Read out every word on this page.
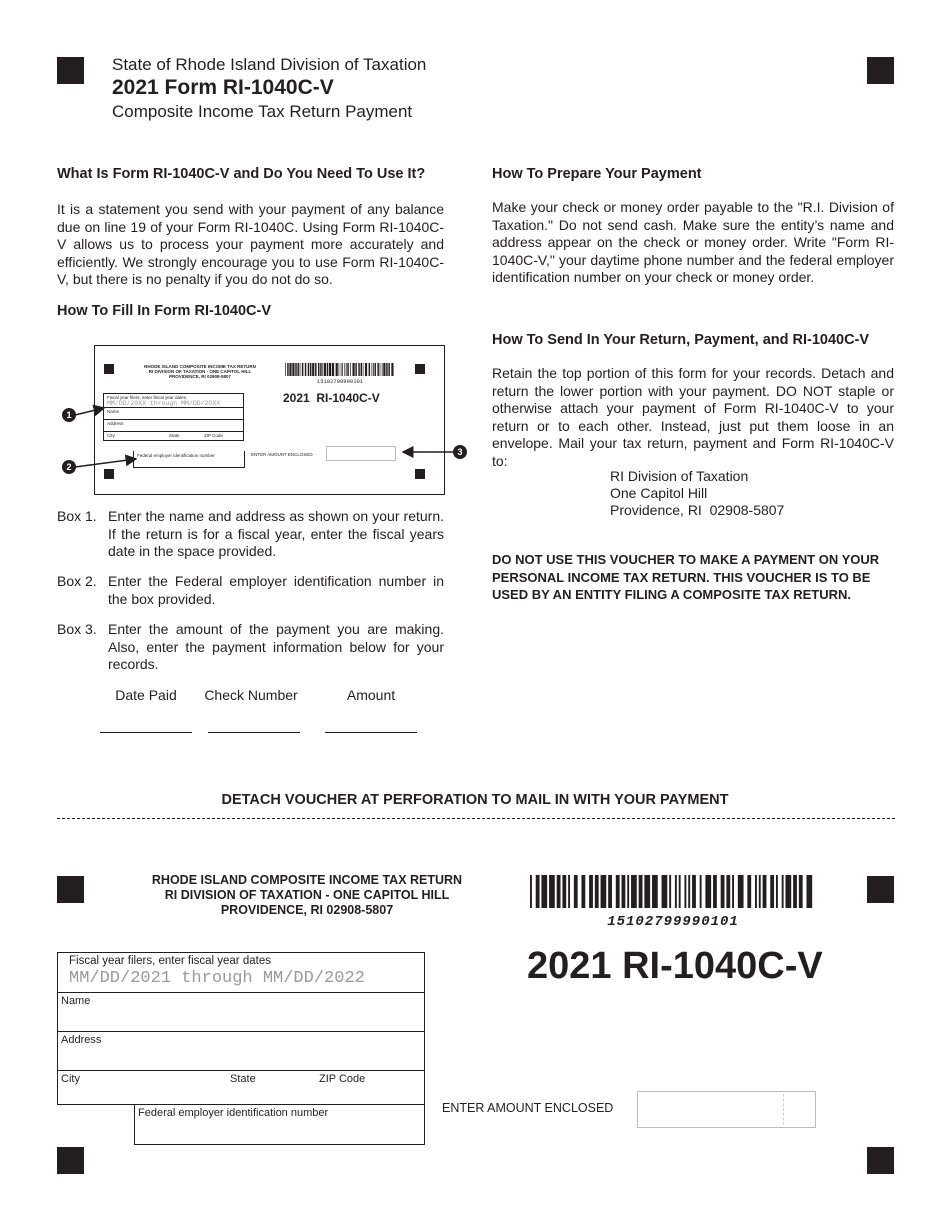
State of Rhode Island Division of Taxation
2021 Form RI-1040C-V
Composite Income Tax Return Payment
What Is Form RI-1040C-V and Do You Need To Use It?
It is a statement you send with your payment of any balance due on line 19 of your Form RI-1040C. Using Form RI-1040C-V allows us to process your payment more accurately and efficiently. We strongly encourage you to use Form RI-1040C-V, but there is no penalty if you do not do so.
How To Fill In Form RI-1040C-V
RHODE ISLAND COMPOSITE INCOME TAX RETURN
RI DIVISION OF TAXATION - ONE CAPITOL HILL
PROVIDENCE, RI 02908-5807
15102799990101
2021  RI-1040C-V
Fiscal year filers, enter fiscal year dates
MM/DD/20XX through MM/DD/20XX
Name
Address
City	State	ZIP Code
Federal employer identification number	ENTER AMOUNT ENCLOSED
1
2
3
Box 1. Enter the name and address as shown on your return. If the return is for a fiscal year, enter the fiscal years date in the space provided.
Box 2. Enter the Federal employer identification number in the box provided.
Box 3. Enter the amount of the payment you are making. Also, enter the payment information below for your records.
Date Paid	Check Number	Amount
How To Prepare Your Payment
Make your check or money order payable to the "R.I. Division of Taxation." Do not send cash. Make sure the entity’s name and address appear on the check or money order. Write "Form RI-1040C-V," your daytime phone number and the federal employer identification number on your check or money order.
How To Send In Your Return, Payment, and RI-1040C-V
Retain the top portion of this form for your records. Detach and return the lower portion with your payment. DO NOT staple or otherwise attach your payment of Form RI-1040C-V to your return or to each other. Instead, just put them loose in an envelope. Mail your tax return, payment and Form RI-1040C-V to:
RI Division of Taxation
One Capitol Hill
Providence, RI  02908-5807
DO NOT USE THIS VOUCHER TO MAKE A PAYMENT ON YOUR PERSONAL INCOME TAX RETURN. THIS VOUCHER IS TO BE USED BY AN ENTITY FILING A COMPOSITE TAX RETURN.
DETACH VOUCHER AT PERFORATION TO MAIL IN WITH YOUR PAYMENT
RHODE ISLAND COMPOSITE INCOME TAX RETURN
RI DIVISION OF TAXATION - ONE CAPITOL HILL
PROVIDENCE, RI 02908-5807
15102799990101
2021 RI-1040C-V
Fiscal year filers, enter fiscal year dates
MM/DD/2021 through MM/DD/2022
Name
Address
City	State	ZIP Code
Federal employer identification number	ENTER AMOUNT ENCLOSED
